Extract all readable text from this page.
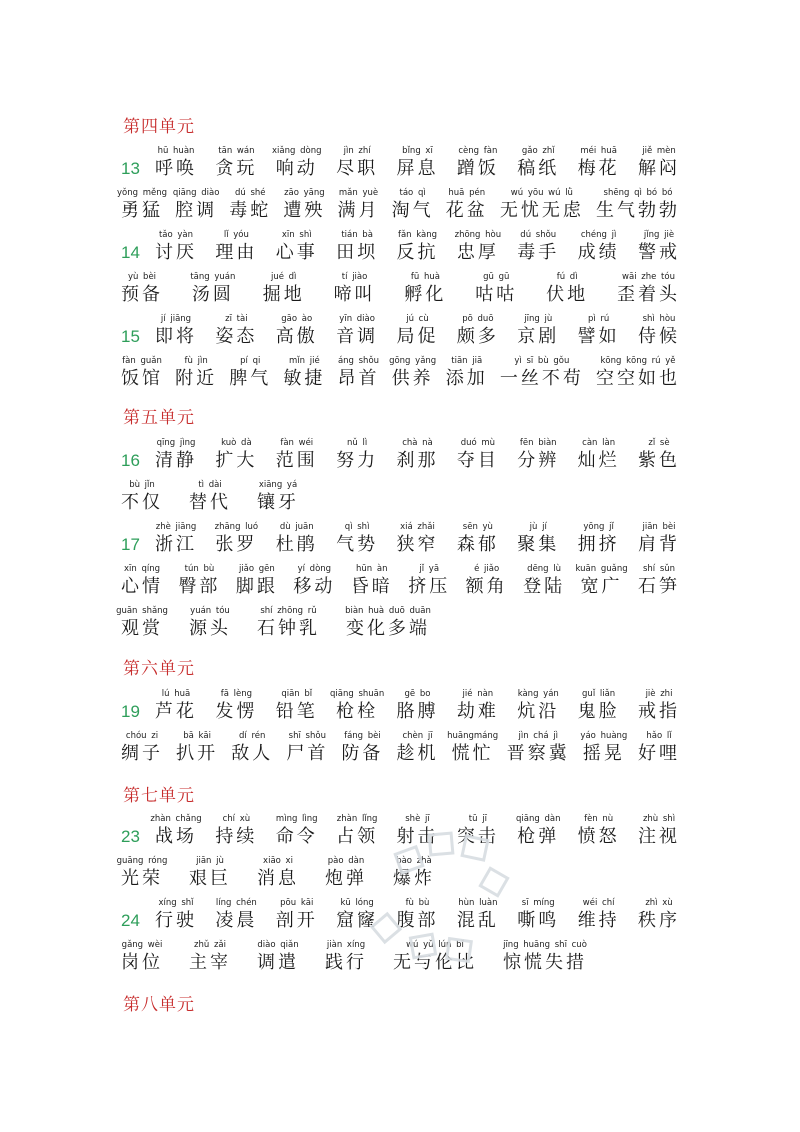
第四单元
13
hū huàn
呼唤
tān wán
贪玩
xiǎng dòng
响动
jìn zhí
尽职
bǐng xī
屏息
cèng fàn
蹭饭
gǎo zhǐ
稿纸
méi huā
梅花
jiě mèn
解闷
yǒng měng
勇猛
qiāng diào
腔调
dú shé
毒蛇
zāo yāng
遭殃
mǎn yuè
满月
táo qì
淘气
huā pén
花盆
wú yōu wú lǜ
无忧无虑
shēng qì bó bó
生气勃勃
14
tǎo yàn
讨厌
lǐ yóu
理由
xīn shì
心事
tián bà
田坝
fǎn kàng
反抗
zhōng hòu
忠厚
dú shǒu
毒手
chéng jì
成绩
jǐng jiè
警戒
yù bèi
预备
tāng yuán
汤圆
jué dì
掘地
tí jiào
啼叫
fū huà
孵化
gū gū
咕咕
fú dì
伏地
wāi zhe tóu
歪着头
15
jí jiāng
即将
zī tài
姿态
gāo ào
高傲
yīn diào
音调
jú cù
局促
pō duō
颇多
jīng jù
京剧
pì rú
譬如
shì hòu
侍候
fàn guǎn
饭馆
fù jìn
附近
pí qi
脾气
mǐn jié
敏捷
áng shǒu
昂首
gōng yǎng
供养
tiān jiā
添加
yì sī bù gǒu
一丝不苟
kōng kōng rú yě
空空如也
第五单元
16
qīng jìng
清静
kuò dà
扩大
fàn wéi
范围
nǔ lì
努力
chà nà
刹那
duó mù
夺目
fēn biàn
分辨
càn làn
灿烂
zǐ sè
紫色
bù jǐn
不仅
tì dài
替代
xiāng yá
镶牙
17
zhè jiāng
浙江
zhāng luó
张罗
dù juān
杜鹃
qì shì
气势
xiá zhǎi
狭窄
sēn yù
森郁
jù jí
聚集
yōng jǐ
拥挤
jiān bèi
肩背
xīn qíng
心情
tún bù
臀部
jiǎo gēn
脚跟
yí dòng
移动
hūn àn
昏暗
jǐ yā
挤压
é jiǎo
额角
dēng lù
登陆
kuān guǎng
宽广
shí sǔn
石笋
guān shǎng
观赏
yuán tóu
源头
shí zhōng rǔ
石钟乳
biàn huà duō duān
变化多端
第六单元
19
lú huā
芦花
fā lèng
发愣
qiān bǐ
铅笔
qiāng shuān
枪栓
gē bo
胳膊
jié nàn
劫难
kàng yán
炕沿
guǐ liǎn
鬼脸
jiè zhi
戒指
chóu zi
绸子
bā kāi
扒开
dí rén
敌人
shī shǒu
尸首
fáng bèi
防备
chèn jī
趁机
huāngmáng
慌忙
jìn chá jì
晋察冀
yáo huàng
摇晃
hǎo lǐ
好哩
第七单元
23
zhàn chǎng
战场
chí xù
持续
mìng lìng
命令
zhàn lǐng
占领
shè jī
射击
tū jī
突击
qiāng dàn
枪弹
fèn nù
愤怒
zhù shì
注视
guāng róng
光荣
jiān jù
艰巨
xiāo xi
消息
pào dàn
炮弹
bào zhà
爆炸
24
xíng shǐ
行驶
líng chén
凌晨
pōu kāi
剖开
kū lóng
窟窿
fù bù
腹部
hùn luàn
混乱
sī míng
嘶鸣
wéi chí
维持
zhì xù
秩序
gǎng wèi
岗位
zhǔ zǎi
主宰
diào qiǎn
调遣
jiàn xíng
践行
wú yǔ lún bǐ
无与伦比
jīng huāng shī cuò
惊慌失措
第八单元
